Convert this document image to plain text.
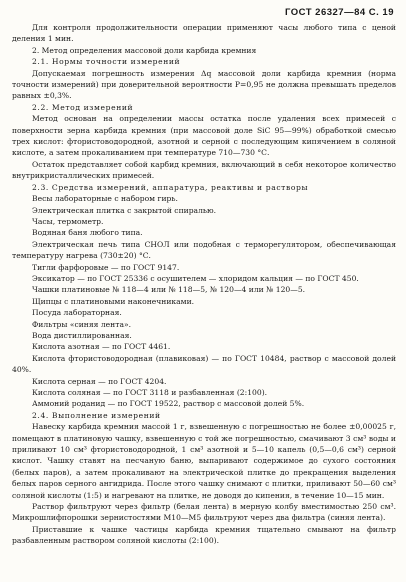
ГОСТ 26327—84 С. 19

Для контроля продолжительности операции применяют часы любого типа с ценой деления 1 мин.

2. Метод определения массовой доли карбида кремния

2.1. Нормы точности измерений

Допускаемая погрешность измерения Δq массовой доли карбида кремния (норма точности измерений) при доверительной вероятности P=0,95 не должна превышать пределов равных ±0,3%.

2.2. Метод измерений

Метод основан на определении массы остатка после удаления всех примесей с поверхности зерна карбида кремния (при массовой доле SiC 95—99%) обработкой смесью трех кислот: фтористоводородной, азотной и серной с последующим кипячением в соляной кислоте, а затем прокаливанием при температуре 710—730 °С.

Остаток представляет собой карбид кремния, включающий в себя некоторое количество внутрикристаллических примесей.

2.3. Средства измерений, аппаратура, реактивы и растворы

Весы лабораторные с набором гирь.

Электрическая плитка с закрытой спиралью.

Часы, термометр.

Водяная баня любого типа.

Электрическая печь типа СНОЛ или подобная с терморегулятором, обеспечивающая температуру нагрева (730±20) °С.

Тигли фарфоровые — по ГОСТ 9147.

Эксикатор — по ГОСТ 25336 с осушителем — хлоридом кальция — по ГОСТ 450.

Чашки платиновые № 118—4 или № 118—5, № 120—4 или № 120—5.

Щипцы с платиновыми наконечниками.

Посуда лабораторная.

Фильтры «синяя лента».

Вода дистиллированная.

Кислота азотная — по ГОСТ 4461.

Кислота фтористоводородная (плавиковая) — по ГОСТ 10484, раствор с массовой долей 40%.

Кислота серная — по ГОСТ 4204.

Кислота соляная — по ГОСТ 3118 и разбавленная (2:100).

Аммоний роданид — по ГОСТ 19522, раствор с массовой долей 5%.

2.4. Выполнение измерений

Навеску карбида кремния массой 1 г, взвешенную с погрешностью не более ±0,00025 г, помещают в платиновую чашку, взвешенную с той же погрешностью, смачивают 3 см³ воды и приливают 10 см³ фтористоводородной, 1 см³ азотной и 5—10 капель (0,5—0,6 см³) серной кислот. Чашку ставят на песчаную баню, выпаривают содержимое до сухого состояния (белых паров), а затем прокаливают на электрической плитке до прекращения выделения белых паров серного ангидрида. После этого чашку снимают с плитки, приливают 50—60 см³ соляной кислоты (1:5) и нагревают на плитке, не доводя до кипения, в течение 10—15 мин.

Раствор фильтруют через фильтр (белая лента) в мерную колбу вместимостью 250 см³. Микрошлифпорошки зернистостями М10—М5 фильтруют через два фильтра (синяя лента).

Приставшие к чашке частицы карбида кремния тщательно смывают на фильтр разбавленным раствором соляной кислоты (2:100).
